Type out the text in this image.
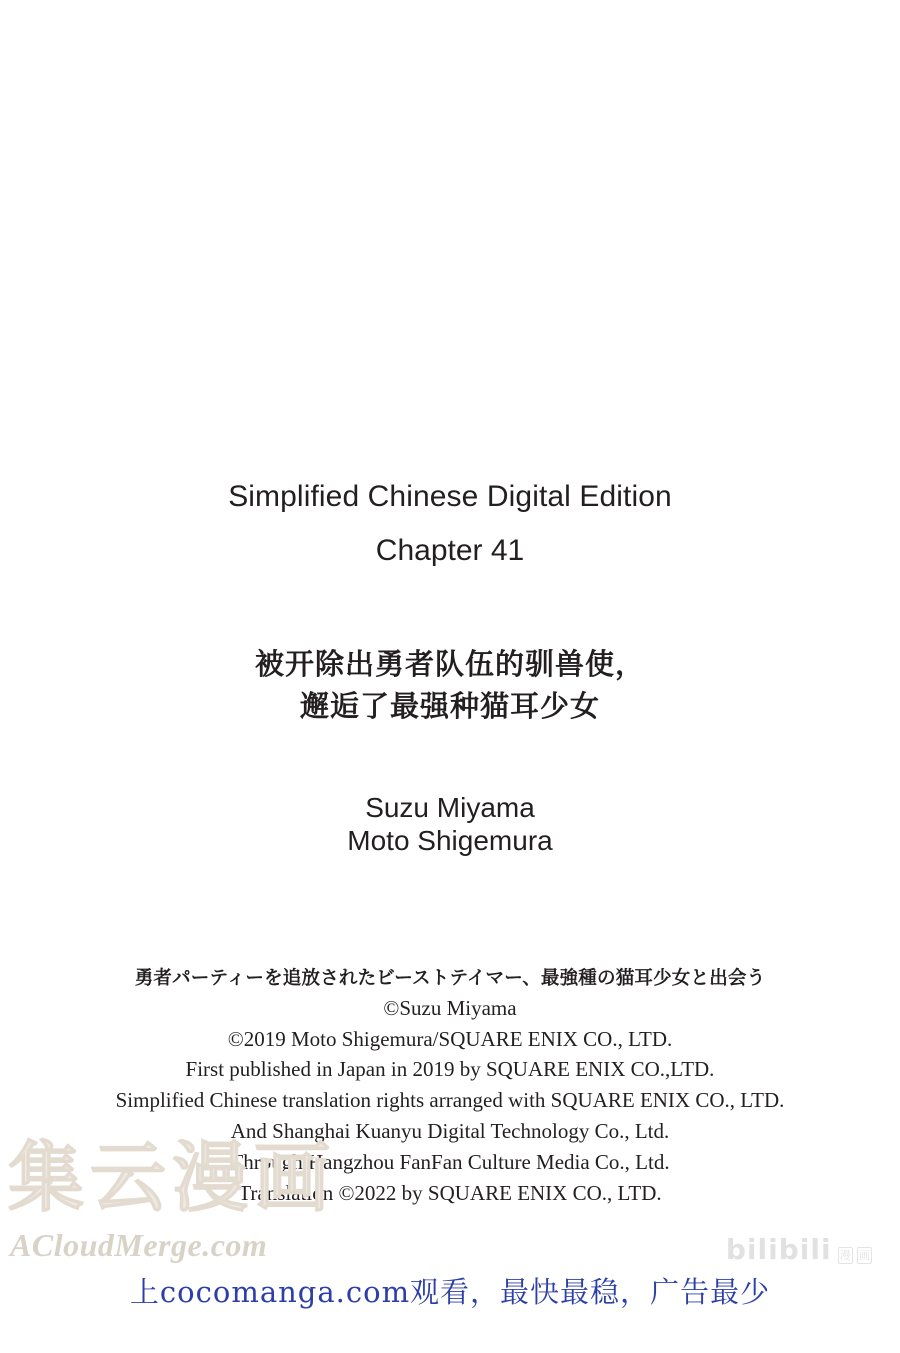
Simplified Chinese Digital Edition
Chapter 41
被开除出勇者队伍的驯兽使，
邂逅了最强种猫耳少女
Suzu Miyama
Moto Shigemura
勇者パーティーを追放されたビーストテイマー、最強種の猫耳少女と出会う
©Suzu Miyama
©2019 Moto Shigemura/SQUARE ENIX CO., LTD.
First published in Japan in 2019 by SQUARE ENIX CO.,LTD.
Simplified Chinese translation rights arranged with SQUARE ENIX CO., LTD.
And Shanghai Kuanyu Digital Technology Co., Ltd.
Through Hangzhou FanFan Culture Media Co., Ltd.
Translation ©2022 by SQUARE ENIX CO., LTD.
集云漫画
ACloudMerge.com	bilibili 漫 画
上cocomanga.com观看，最快最稳，广告最少
